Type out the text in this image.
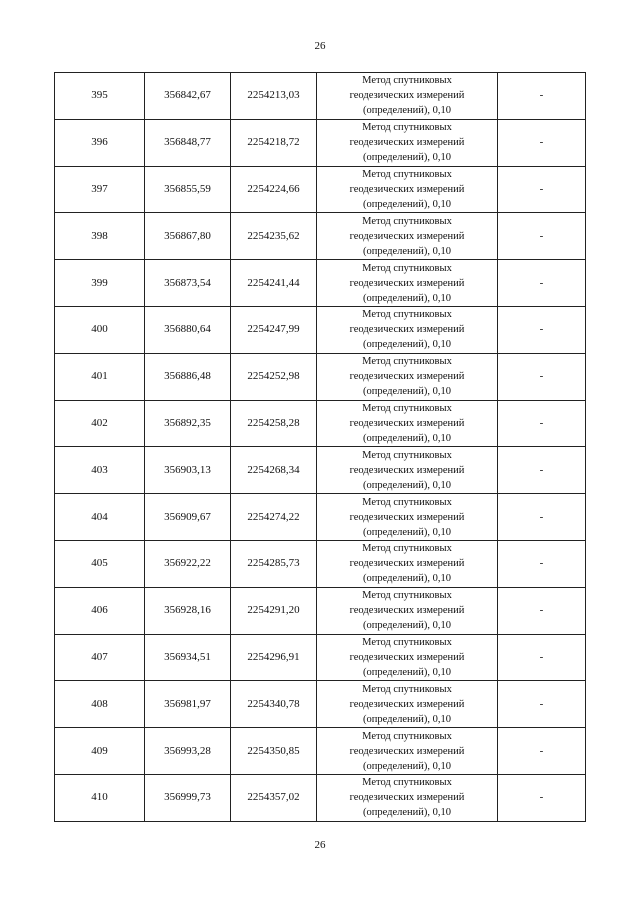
26
395	356842,67	2254213,03	Метод спутниковых
геодезических измерений
(определений), 0,10	-
396	356848,77	2254218,72	Метод спутниковых
геодезических измерений
(определений), 0,10	-
397	356855,59	2254224,66	Метод спутниковых
геодезических измерений
(определений), 0,10	-
398	356867,80	2254235,62	Метод спутниковых
геодезических измерений
(определений), 0,10	-
399	356873,54	2254241,44	Метод спутниковых
геодезических измерений
(определений), 0,10	-
400	356880,64	2254247,99	Метод спутниковых
геодезических измерений
(определений), 0,10	-
401	356886,48	2254252,98	Метод спутниковых
геодезических измерений
(определений), 0,10	-
402	356892,35	2254258,28	Метод спутниковых
геодезических измерений
(определений), 0,10	-
403	356903,13	2254268,34	Метод спутниковых
геодезических измерений
(определений), 0,10	-
404	356909,67	2254274,22	Метод спутниковых
геодезических измерений
(определений), 0,10	-
405	356922,22	2254285,73	Метод спутниковых
геодезических измерений
(определений), 0,10	-
406	356928,16	2254291,20	Метод спутниковых
геодезических измерений
(определений), 0,10	-
407	356934,51	2254296,91	Метод спутниковых
геодезических измерений
(определений), 0,10	-
408	356981,97	2254340,78	Метод спутниковых
геодезических измерений
(определений), 0,10	-
409	356993,28	2254350,85	Метод спутниковых
геодезических измерений
(определений), 0,10	-
410	356999,73	2254357,02	Метод спутниковых
геодезических измерений
(определений), 0,10	-
26
